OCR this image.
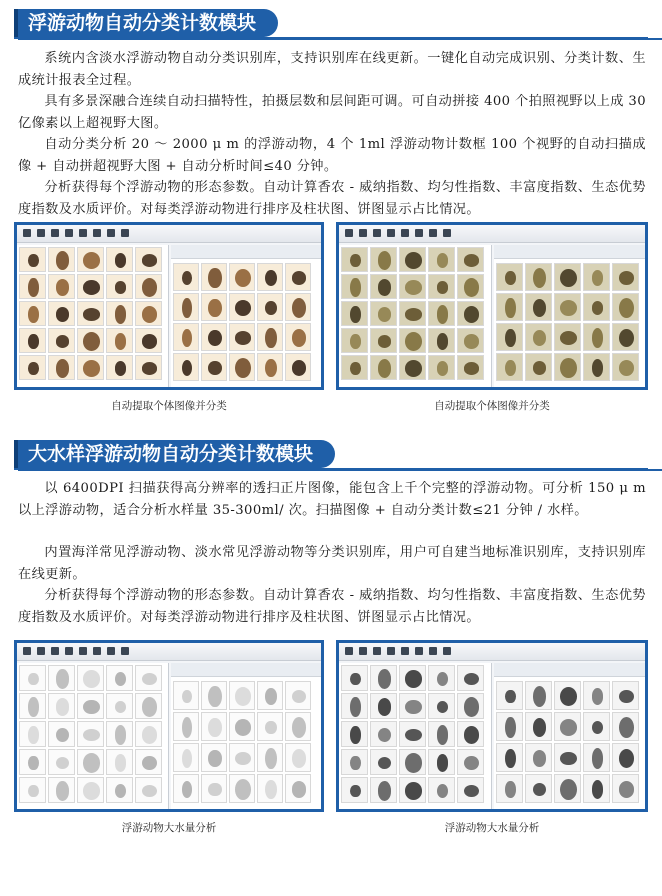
浮游动物自动分类计数模块

系统内含淡水浮游动物自动分类识别库，支持识别库在线更新。一键化自动完成识别、分类计数、生成统计报表全过程。

具有多景深融合连续自动扫描特性，拍摄层数和层间距可调。可自动拼接 400 个拍照视野以上成 30 亿像素以上超视野大图。

自动分类分析 20 ～ 2000 μ m 的浮游动物，4 个 1ml 浮游动物计数框 100 个视野的自动扫描成像 + 自动拼超视野大图 + 自动分析时间≤40 分钟。

分析获得每个浮游动物的形态参数。自动计算香农 - 威纳指数、均匀性指数、丰富度指数、生态优势度指数及水质评价。对每类浮游动物进行排序及柱状图、饼图显示占比情况。

自动提取个体图像并分类	自动提取个体图像并分类
大水样浮游动物自动分类计数模块

以 6400DPI 扫描获得高分辨率的透扫正片图像，能包含上千个完整的浮游动物。可分析 150 μ m 以上浮游动物，适合分析水样量 35-300ml/ 次。扫描图像 + 自动分类计数≤21 分钟 / 水样。

内置海洋常见浮游动物、淡水常见浮游动物等分类识别库，用户可自建当地标准识别库，支持识别库在线更新。

分析获得每个浮游动物的形态参数。自动计算香农 - 威纳指数、均匀性指数、丰富度指数、生态优势度指数及水质评价。对每类浮游动物进行排序及柱状图、饼图显示占比情况。

浮游动物大水量分析	浮游动物大水量分析
